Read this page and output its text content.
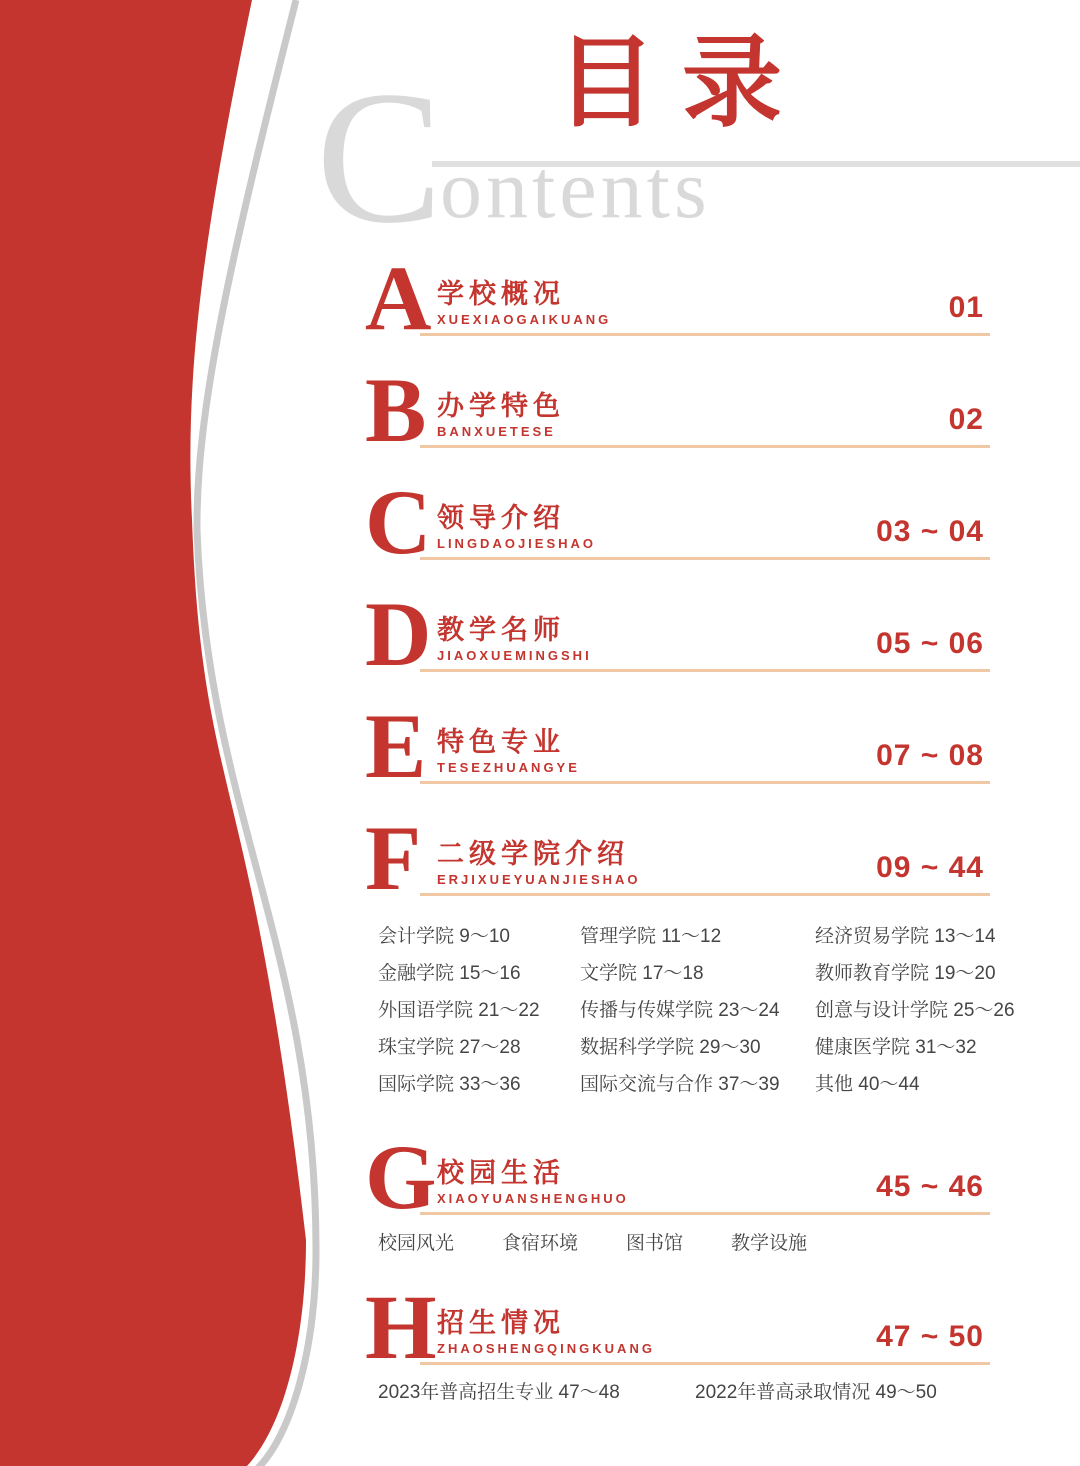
目录
C
ontents
A 学校概况
XUEXIAOGAIKUANG	01
B 办学特色
BANXUETESE	02
C 领导介绍
LINGDAOJIESHAO	03 ~ 04
D 教学名师
JIAOXUEMINGSHI	05 ~ 06
E 特色专业
TESEZHUANGYE	07 ~ 08
F 二级学院介绍
ERJIXUEYUANJIESHAO	09 ~ 44
会计学院 9～10	管理学院 11～12	经济贸易学院 13～14
金融学院 15～16	文学院 17～18	教师教育学院 19～20
外国语学院 21～22	传播与传媒学院 23～24	创意与设计学院 25～26
珠宝学院 27～28	数据科学学院 29～30	健康医学院 31～32
国际学院 33～36	国际交流与合作 37～39	其他 40～44
G 校园生活
XIAOYUANSHENGHUO	45 ~ 46
校园风光	食宿环境	图书馆	教学设施
H 招生情况
ZHAOSHENGQINGKUANG	47 ~ 50
2023年普高招生专业 47～48	2022年普高录取情况 49～50
